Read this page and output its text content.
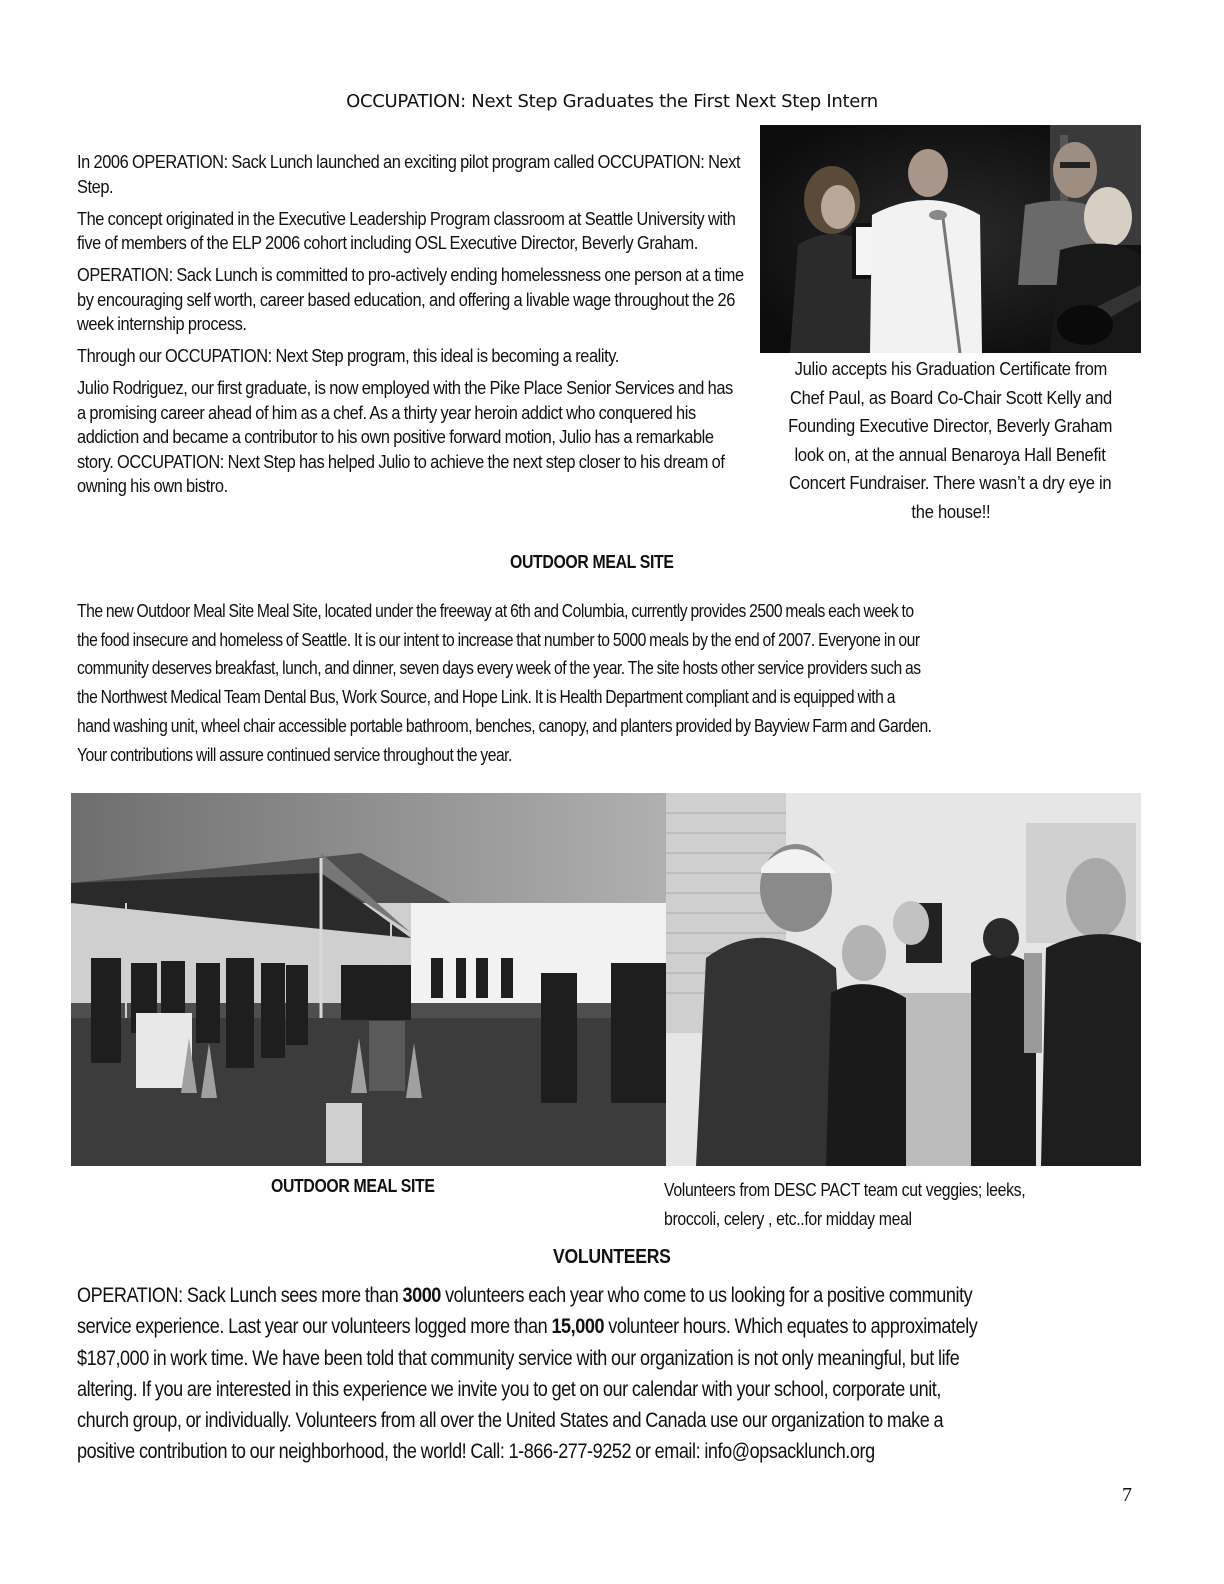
OCCUPATION: Next Step Graduates the First Next Step Intern

In 2006 OPERATION: Sack Lunch launched an exciting pilot program called OCCUPATION: Next Step.

The concept originated in the Executive Leadership Program classroom at Seattle University with five of members of the ELP 2006 cohort including OSL Executive Director, Beverly Graham.

OPERATION: Sack Lunch is committed to pro-actively ending homelessness one person at a time by encouraging self worth, career based education, and offering a livable wage throughout the 26 week internship process.

Through our OCCUPATION: Next Step program, this ideal is becoming a reality.

Julio Rodriguez, our first graduate, is now employed with the Pike Place Senior Services and has a promising career ahead of him as a chef. As a thirty year heroin addict who conquered his addiction and became a contributor to his own positive forward motion, Julio has a remarkable story. OCCUPATION: Next Step has helped Julio to achieve the next step closer to his dream of owning his own bistro.

Julio accepts his Graduation Certificate from
Chef Paul, as Board Co-Chair Scott Kelly and
Founding Executive Director, Beverly Graham
look on, at the annual Benaroya Hall Benefit
Concert Fundraiser. There wasn’t a dry eye in
the house!!
OUTDOOR MEAL SITE
The new Outdoor Meal Site Meal Site, located under the freeway at 6th and Columbia, currently provides 2500 meals each week to
the food insecure and homeless of Seattle. It is our intent to increase that number to 5000 meals by the end of 2007. Everyone in our
community deserves breakfast, lunch, and dinner, seven days every week of the year. The site hosts other service providers such as
the Northwest Medical Team Dental Bus, Work Source, and Hope Link. It is Health Department compliant and is equipped with a
hand washing unit, wheel chair accessible portable bathroom, benches, canopy, and planters provided by Bayview Farm and Garden.
Your contributions will assure continued service throughout the year.
OUTDOOR MEAL SITE	Volunteers from DESC PACT team cut veggies; leeks,
broccoli, celery , etc..for midday meal
VOLUNTEERS
OPERATION: Sack Lunch sees more than 3000 volunteers each year who come to us looking for a positive community
service experience. Last year our volunteers logged more than 15,000 volunteer hours. Which equates to approximately
$187,000 in work time. We have been told that community service with our organization is not only meaningful, but life
altering. If you are interested in this experience we invite you to get on our calendar with your school, corporate unit,
church group, or individually. Volunteers from all over the United States and Canada use our organization to make a
positive contribution to our neighborhood, the world! Call: 1-866-277-9252 or email: info@opsacklunch.org
7
